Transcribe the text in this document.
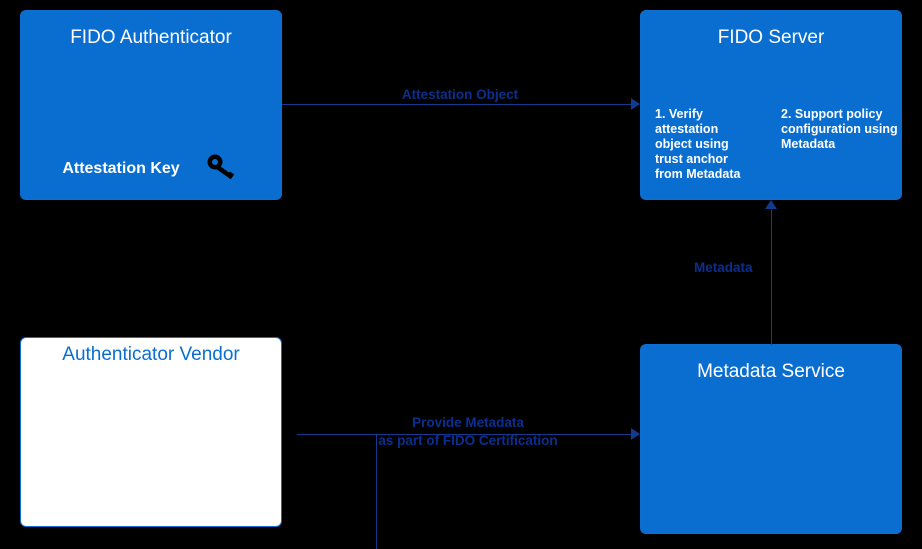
FIDO Authenticator
Attestation Key
FIDO Server
1. Verify attestation object using trust anchor from Metadata
2. Support policy configuration using Metadata
Authenticator Vendor
Metadata Service
Attestation Object
Metadata
Provide Metadata
as part of FIDO Certification
